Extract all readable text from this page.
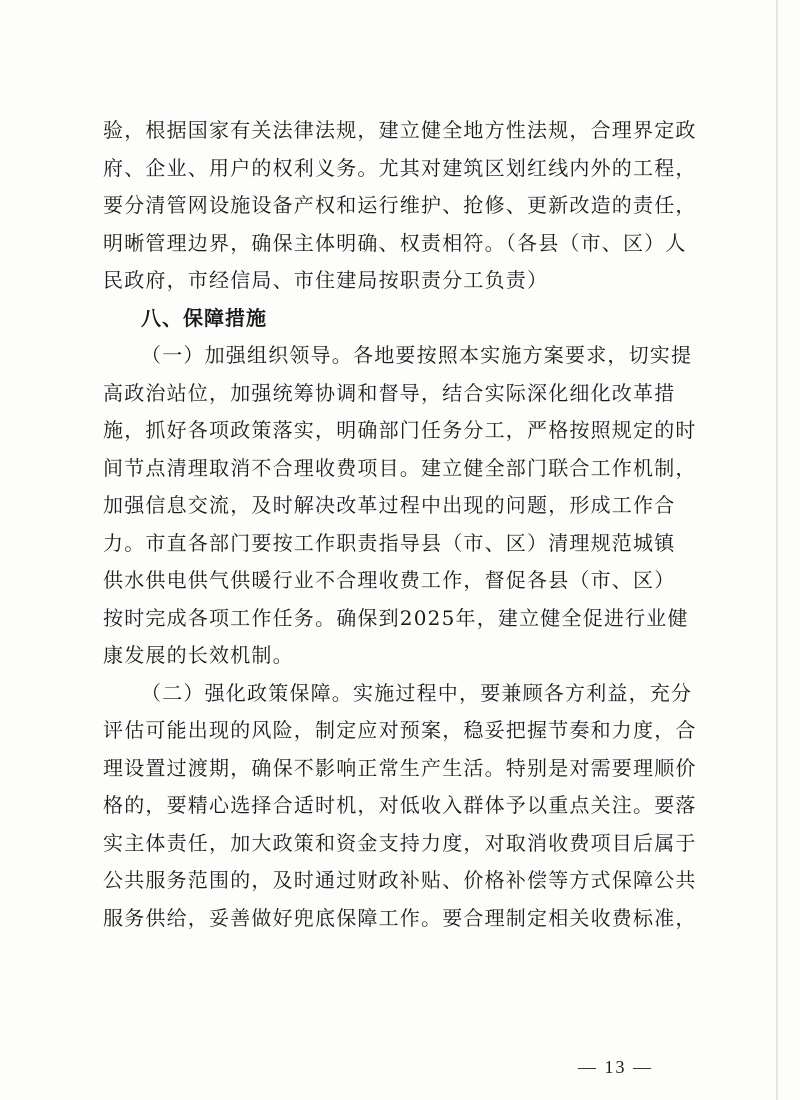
验，根据国家有关法律法规，建立健全地方性法规，合理界定政

府、企业、用户的权利义务。尤其对建筑区划红线内外的工程，

要分清管网设施设备产权和运行维护、抢修、更新改造的责任，

明晰管理边界，确保主体明确、权责相符。（各县（市、区）人

民政府，市经信局、市住建局按职责分工负责）

八、保障措施

（一）加强组织领导。各地要按照本实施方案要求，切实提

高政治站位，加强统筹协调和督导，结合实际深化细化改革措

施，抓好各项政策落实，明确部门任务分工，严格按照规定的时

间节点清理取消不合理收费项目。建立健全部门联合工作机制，

加强信息交流，及时解决改革过程中出现的问题，形成工作合

力。市直各部门要按工作职责指导县（市、区）清理规范城镇

供水供电供气供暖行业不合理收费工作，督促各县（市、区）

按时完成各项工作任务。确保到2025年，建立健全促进行业健

康发展的长效机制。

（二）强化政策保障。实施过程中，要兼顾各方利益，充分

评估可能出现的风险，制定应对预案，稳妥把握节奏和力度，合

理设置过渡期，确保不影响正常生产生活。特别是对需要理顺价

格的，要精心选择合适时机，对低收入群体予以重点关注。要落

实主体责任，加大政策和资金支持力度，对取消收费项目后属于

公共服务范围的，及时通过财政补贴、价格补偿等方式保障公共

服务供给，妥善做好兜底保障工作。要合理制定相关收费标准，

— 13 —
